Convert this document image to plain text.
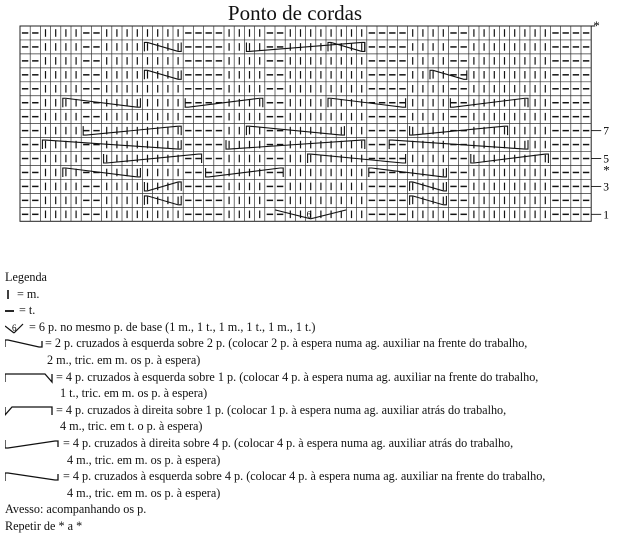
Ponto de cordas
6
*
*
7
5
3
1
Legenda
= m.
= t.
6 = 6 p. no mesmo p. de base (1 m., 1 t., 1 m., 1 t., 1 m., 1 t.)
= 2 p. cruzados à esquerda sobre 2 p. (colocar 2 p. à espera numa ag. auxiliar na frente do trabalho,
2 m., tric. em m. os p. à espera)
= 4 p. cruzados à esquerda sobre 1 p. (colocar 4 p. à espera numa ag. auxiliar na frente do trabalho,
1 t., tric. em m. os p. à espera)
= 4 p. cruzados à direita sobre 1 p. (colocar 1 p. à espera numa ag. auxiliar atrás do trabalho,
4 m., tric. em t. o p. à espera)
= 4 p. cruzados à direita sobre 4 p. (colocar 4 p. à espera numa ag. auxiliar atrás do trabalho,
4 m., tric. em m. os p. à espera)
= 4 p. cruzados à esquerda sobre 4 p. (colocar 4 p. à espera numa ag. auxiliar na frente do trabalho,
4 m., tric. em m. os p. à espera)
Avesso: acompanhando os p.
Repetir de * a *
